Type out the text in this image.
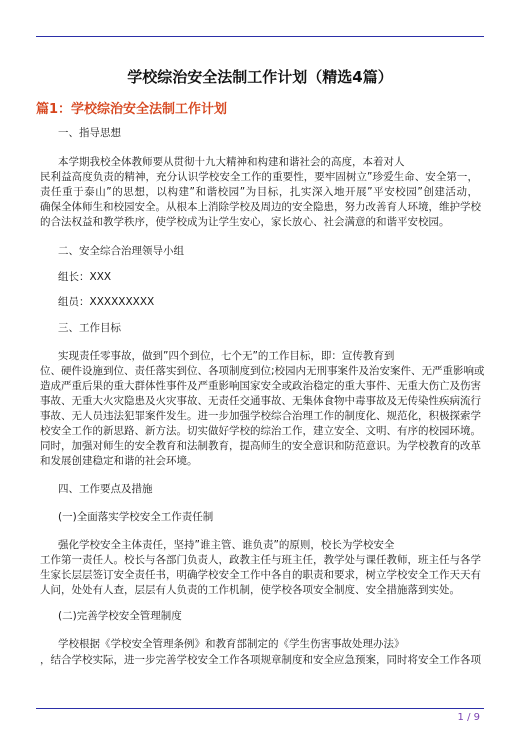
学校综治安全法制工作计划（精选4篇）
篇1：学校综治安全法制工作计划
一、指导思想
本学期我校全体教师要从贯彻十九大精神和构建和谐社会的高度，本着对人
民利益高度负责的精神，充分认识学校安全工作的重要性，要牢固树立”珍爱生命、安全第一，
责任重于泰山”的思想，以构建”和谐校园”为目标，扎实深入地开展”平安校园”创建活动，
确保全体师生和校园安全。从根本上消除学校及周边的安全隐患，努力改善育人环境，维护学校
的合法权益和教学秩序，使学校成为让学生安心，家长放心、社会满意的和谐平安校园。
二、安全综合治理领导小组
组长：XXX
组员：XXXXXXXXX
三、工作目标
实现责任零事故，做到”四个到位，七个无”的工作目标，即：宣传教育到
位、硬件设施到位、责任落实到位、各项制度到位;校园内无刑事案件及治安案件、无严重影响或
造成严重后果的重大群体性事件及严重影响国家安全或政治稳定的重大事件、无重大伤亡及伤害
事故、无重大火灾隐患及火灾事故、无责任交通事故、无集体食物中毒事故及无传染性疾病流行
事故、无人员违法犯罪案件发生。进一步加强学校综合治理工作的制度化、规范化，积极探索学
校安全工作的新思路、新方法。切实做好学校的综治工作，建立安全、文明、有序的校园环境。
同时，加强对师生的安全教育和法制教育，提高师生的安全意识和防范意识。为学校教育的改革
和发展创建稳定和谐的社会环境。
四、工作要点及措施
(一)全面落实学校安全工作责任制
强化学校安全主体责任，坚持”谁主管、谁负责”的原则，校长为学校安全
工作第一责任人。校长与各部门负责人，政教主任与班主任，教学处与课任教师，班主任与各学
生家长层层签订安全责任书，明确学校安全工作中各自的职责和要求，树立学校安全工作天天有
人问，处处有人查，层层有人负责的工作机制，使学校各项安全制度、安全措施落到实处。
(二)完善学校安全管理制度
学校根据《学校安全管理条例》和教育部制定的《学生伤害事故处理办法》
，结合学校实际，进一步完善学校安全工作各项规章制度和安全应急预案，同时将安全工作各项
1 / 9
